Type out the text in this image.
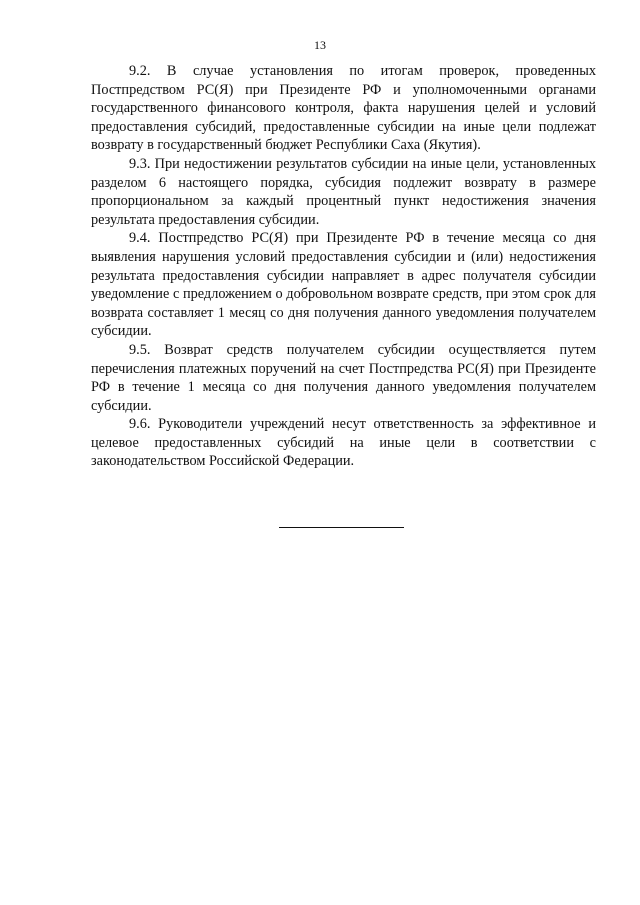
13

9.2. В случае установления по итогам проверок, проведенных Постпредством РС(Я) при Президенте РФ и уполномоченными органами государственного финансового контроля, факта нарушения целей и условий предоставления субсидий, предоставленные субсидии на иные цели подлежат возврату в государственный бюджет Республики Саха (Якутия).

9.3. При недостижении результатов субсидии на иные цели, установленных разделом 6 настоящего порядка, субсидия подлежит возврату в размере пропорциональном за каждый процентный пункт недостижения значения результата предоставления субсидии.

9.4. Постпредство РС(Я) при Президенте РФ в течение месяца со дня выявления нарушения условий предоставления субсидии и (или) недостижения результата предоставления субсидии направляет в адрес получателя субсидии уведомление с предложением о добровольном возврате средств, при этом срок для возврата составляет 1 месяц со дня получения данного уведомления получателем субсидии.

9.5. Возврат средств получателем субсидии осуществляется путем перечисления платежных поручений на счет Постпредства РС(Я) при Президенте РФ в течение 1 месяца со дня получения данного уведомления получателем субсидии.

9.6. Руководители учреждений несут ответственность за эффективное и целевое предоставленных субсидий на иные цели в соответствии с законодательством Российской Федерации.
